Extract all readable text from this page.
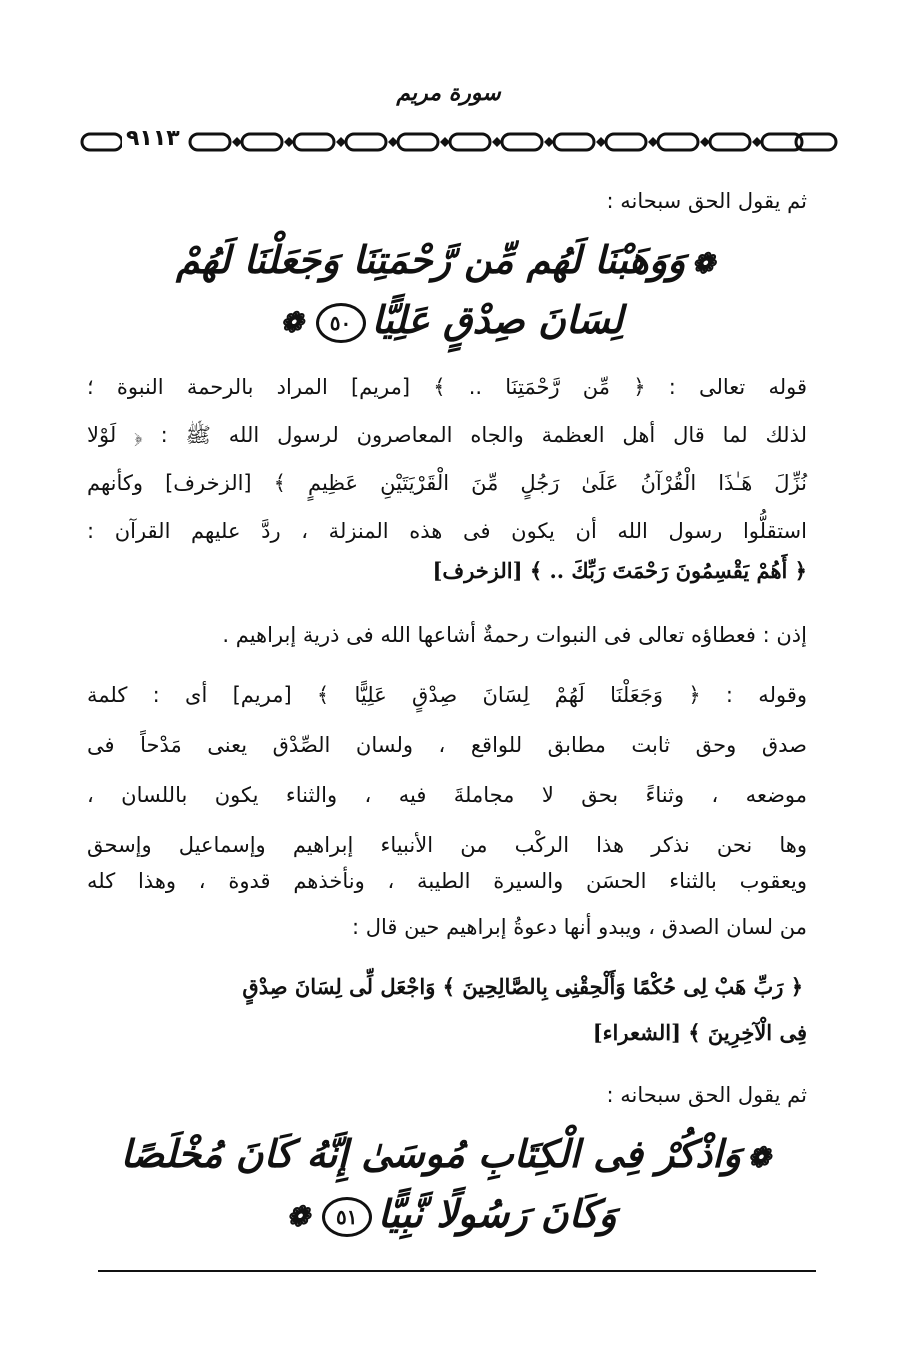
سورة مريم
٩١١٣
ثم يقول الحق سبحانه :
❁وَوَهَبْنَا لَهُم مِّن رَّحْمَتِنَا وَجَعَلْنَا لَهُمْ
لِسَانَ صِدْقٍ عَلِيًّا٥٠❁
قوله تعالى : ﴿ مِّن رَّحْمَتِنَا .. ﴾ [مريم] المراد بالرحمة النبوة ؛
لذلك لما قال أهل العظمة والجاه المعاصرون لرسول الله ﷺ : ﴿ لَوْلا
نُزِّلَ هَـٰذَا الْقُرْآنُ عَلَىٰ رَجُلٍ مِّنَ الْقَرْيَتَيْنِ عَظِيمٍ ﴾ [الزخرف] وكأنهم
استقلُّوا رسول الله أن يكون فى هذه المنزلة ، ردَّ عليهم القرآن :
﴿ أَهُمْ يَقْسِمُونَ رَحْمَتَ رَبِّكَ .. ﴾ [الزخرف]
إذن : فعطاؤه تعالى فى النبوات رحمةٌ أشاعها الله فى ذرية إبراهيم .
وقوله : ﴿ وَجَعَلْنَا لَهُمْ لِسَانَ صِدْقٍ عَلِيًّا ﴾ [مريم] أى : كلمة
صدق وحق ثابت مطابق للواقع ، ولسان الصِّدْق يعنى مَدْحاً فى
موضعه ، وثناءً بحق لا مجاملةَ فيه ، والثناء يكون باللسان ،
وها نحن نذكر هذا الركْب من الأنبياء إبراهيم وإسماعيل وإسحق
ويعقوب بالثناء الحسَن والسيرة الطيبة ، ونأخذهم قدوة ، وهذا كله
من لسان الصدق ، ويبدو أنها دعوةُ إبراهيم حين قال :
﴿ رَبِّ هَبْ لِى حُكْمًا وَأَلْحِقْنِى بِالصَّالِحِينَ ﴾ وَاجْعَل لِّى لِسَانَ صِدْقٍ
فِى الْآخِرِينَ ﴾ [الشعراء]
ثم يقول الحق سبحانه :
❁وَاذْكُرْ فِى الْكِتَابِ مُوسَىٰ إِنَّهُ كَانَ مُخْلَصًا
وَكَانَ رَسُولًا نَّبِيًّا٥١❁
